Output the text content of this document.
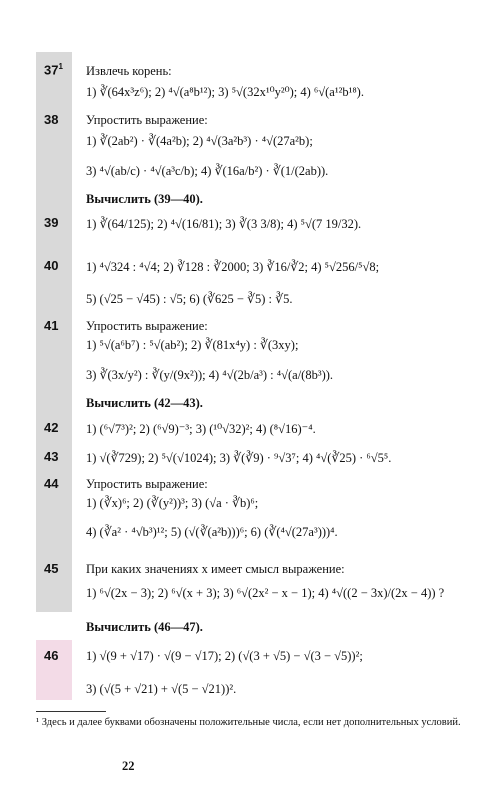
$37^1$ Извлечь корень:
1) ∛(64x³z⁶); 2) ⁴√(a⁸b¹²); 3) ⁵√(32x¹⁰y²⁰); 4) ⁶√(a¹²b¹⁸).
38 Упростить выражение:
1) ∛(2ab²) · ∛(4a²b); 2) ⁴√(3a²b³) · ⁴√(27a²b);
3) ⁴√(ab/c) · ⁴√(a³c/b); 4) ∛(16a/b²) · ∛(1/(2ab)).
Вычислить (39—40).
39 1) ∛(64/125); 2) ⁴√(16/81); 3) ∛(3 3/8); 4) ⁵√(7 19/32).
40 1) ⁴√324 : ⁴√4; 2) ∛128 : ∛2000; 3) ∛16/∛2; 4) ⁵√256/⁵√8;
5) (√25 − √45) : √5; 6) (∛625 − ∛5) : ∛5.
41 Упростить выражение:
1) ⁵√(a⁶b⁷) : ⁵√(ab²); 2) ∛(81x⁴y) : ∛(3xy);
3) ∛(3x/y²) : ∛(y/(9x²)); 4) ⁴√(2b/a³) : ⁴√(a/(8b³)).
Вычислить (42—43).
42 1) (⁶√7³)²; 2) (⁶√9)⁻³; 3) (¹⁰√32)²; 4) (⁸√16)⁻⁴.
43 1) √(∛729); 2) ⁵√(√1024); 3) ∛(∛9) · ⁹√3⁷; 4) ⁴√(∛25) · ⁶√5⁵.
44 Упростить выражение:
1) (∛x)⁶; 2) (∛(y²))³; 3) (√a · ∛b)⁶;
4) (∛a² · ⁴√b³)¹²; 5) (√(∛(a²b)))⁶; 6) (∛(⁴√(27a³)))⁴.
45 При каких значениях x имеет смысл выражение:
1) ⁶√(2x − 3); 2) ⁶√(x + 3); 3) ⁶√(2x² − x − 1); 4) ⁴√((2 − 3x)/(2x − 4)) ?
Вычислить (46—47).
46 1) √(9 + √17) · √(9 − √17); 2) (√(3 + √5) − √(3 − √5))²;
3) (√(5 + √21) + √(5 − √21))².
¹ Здесь и далее буквами обозначены положительные числа, если нет дополнительных условий.
22
